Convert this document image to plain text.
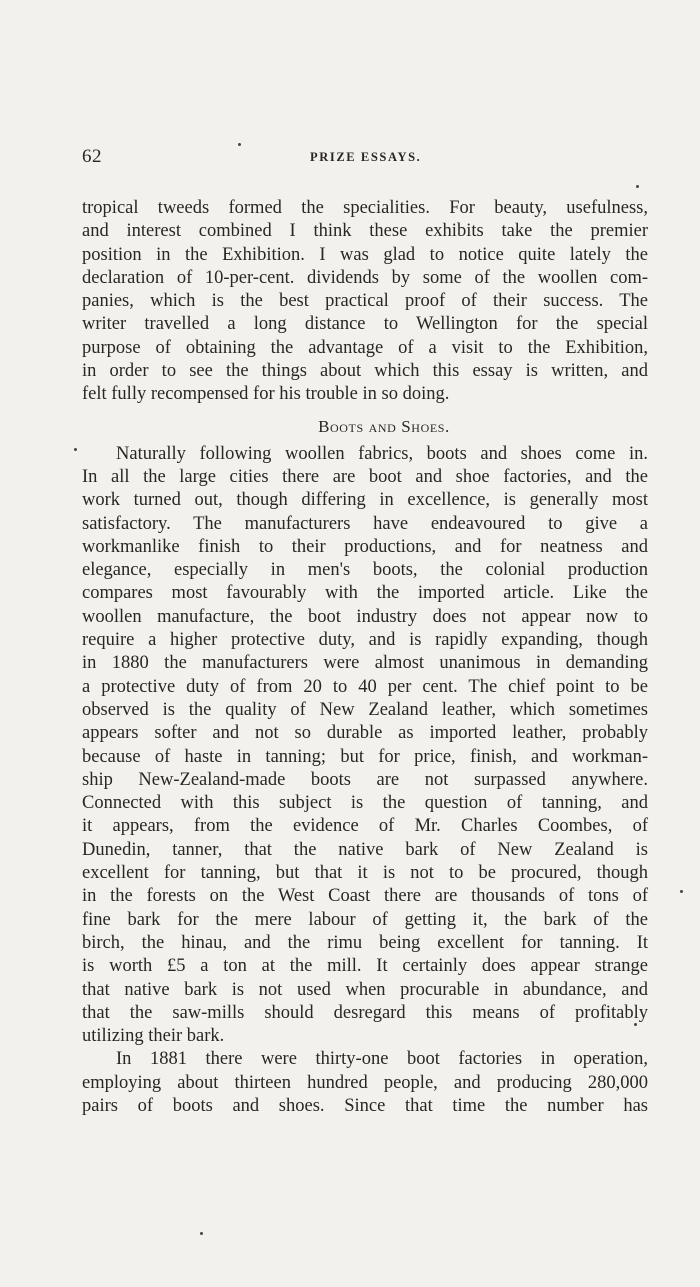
62	PRIZE ESSAYS.
tropical tweeds formed the specialities. For beauty, usefulness,
and interest combined I think these exhibits take the premier
position in the Exhibition. I was glad to notice quite lately the
declaration of 10-per-cent. dividends by some of the woollen com-
panies, which is the best practical proof of their success. The
writer travelled a long distance to Wellington for the special
purpose of obtaining the advantage of a visit to the Exhibition,
in order to see the things about which this essay is written, and
felt fully recompensed for his trouble in so doing.
Boots and Shoes.
Naturally following woollen fabrics, boots and shoes come in.
In all the large cities there are boot and shoe factories, and the
work turned out, though differing in excellence, is generally most
satisfactory. The manufacturers have endeavoured to give a
workmanlike finish to their productions, and for neatness and
elegance, especially in men's boots, the colonial production
compares most favourably with the imported article. Like the
woollen manufacture, the boot industry does not appear now to
require a higher protective duty, and is rapidly expanding, though
in 1880 the manufacturers were almost unanimous in demanding
a protective duty of from 20 to 40 per cent. The chief point to be
observed is the quality of New Zealand leather, which sometimes
appears softer and not so durable as imported leather, probably
because of haste in tanning; but for price, finish, and workman-
ship New-Zealand-made boots are not surpassed anywhere.
Connected with this subject is the question of tanning, and
it appears, from the evidence of Mr. Charles Coombes, of
Dunedin, tanner, that the native bark of New Zealand is
excellent for tanning, but that it is not to be procured, though
in the forests on the West Coast there are thousands of tons of
fine bark for the mere labour of getting it, the bark of the
birch, the hinau, and the rimu being excellent for tanning. It
is worth £5 a ton at the mill. It certainly does appear strange
that native bark is not used when procurable in abundance, and
that the saw-mills should desregard this means of profitably
utilizing their bark.
In 1881 there were thirty-one boot factories in operation,
employing about thirteen hundred people, and producing 280,000
pairs of boots and shoes. Since that time the number has
